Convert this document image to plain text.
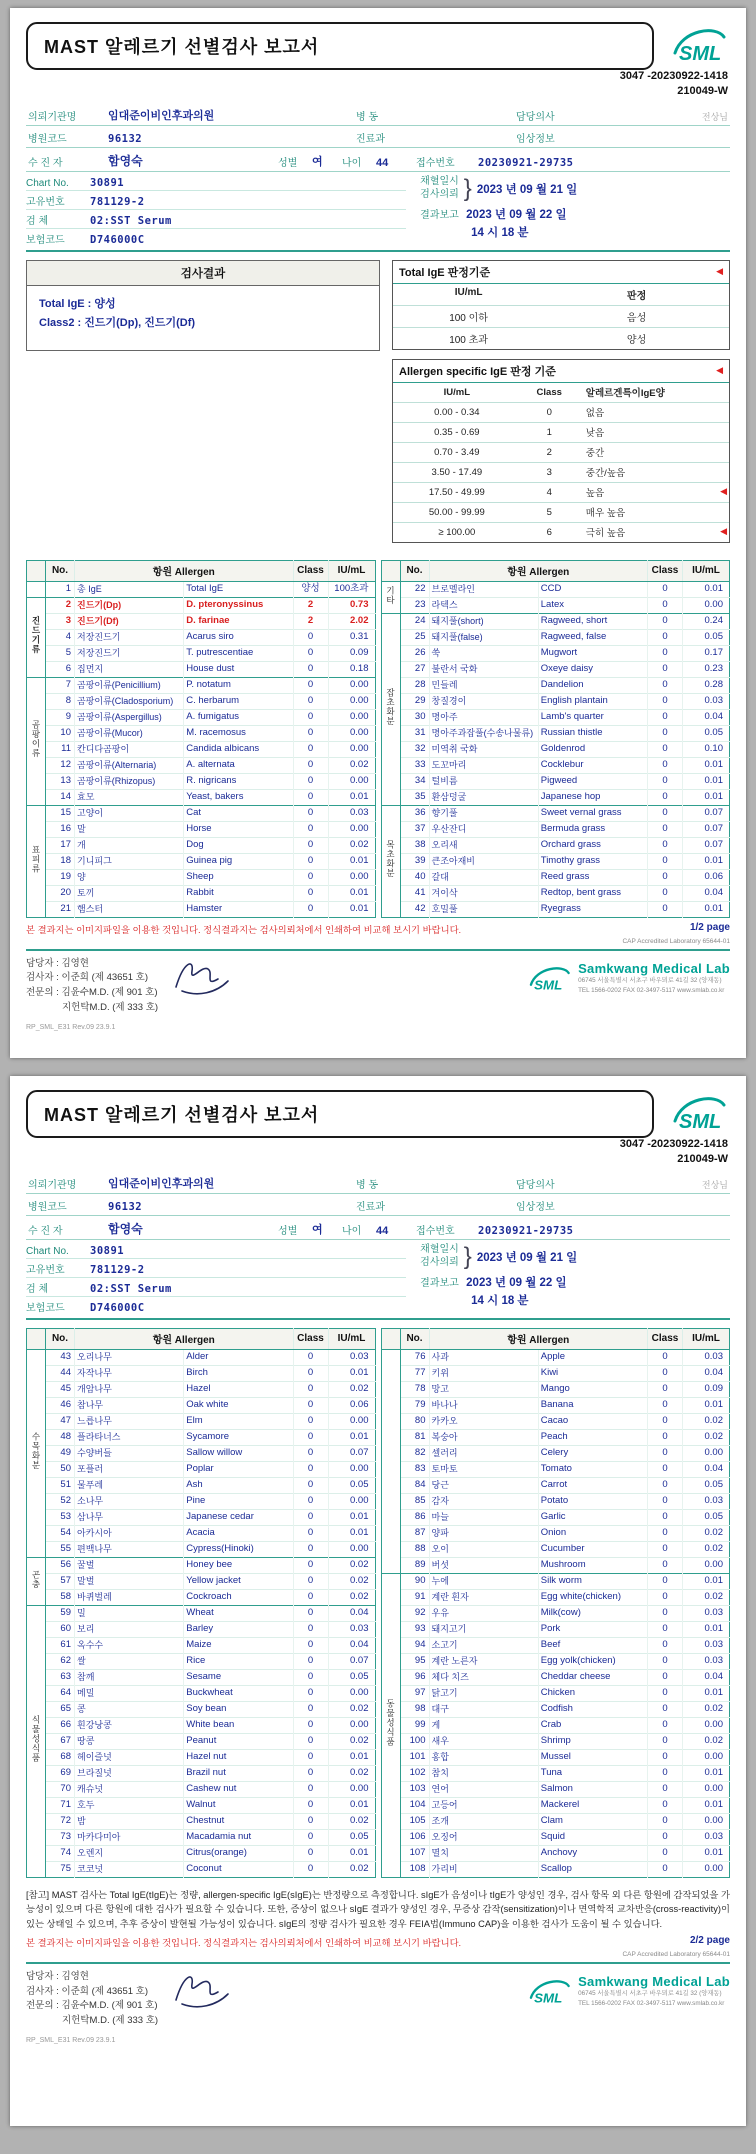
MAST 알레르기 선별검사 보고서	SML
3047 -20230922-1418
210049-W
의뢰기관명	임대준이비인후과의원	병 동	담당의사	전상님
병원코드	96132	진료과	임상정보
수 진 자	함영숙	성별	여	나이	44	접수번호	20230921-29735
Chart No.	30891
고유번호	781129-2
검 체	02:SST Serum
보험코드	D746000C
채혈일시
검사의뢰 } 2023 년 09 월 21 일
결과보고 2023 년 09 월 22 일
14 시 18 분
검사결과
Total IgE : 양성
Class2 : 진드기(Dp), 진드기(Df)
Total IgE 판정기준	◀
IU/mL	판정
100 이하	음성
100 초과	양성
Allergen specific IgE 판정 기준	◀
IU/mL	Class	알레르겐특이IgE양
0.00 - 0.34	0	없음
0.35 - 0.69	1	낮음
0.70 - 3.49	2	중간
3.50 - 17.49	3	중간/높음
17.50 - 49.99	4	높음	◀
50.00 - 99.99	5	매우 높음
≥ 100.00	6	극히 높음	◀
	No.	항원 Allergen		Class	IU/mL
	1	총 IgE	Total IgE	양성	100초과
진드기류	2	진드기(Dp)	D. pteronyssinus	2	0.73
	3	진드기(Df)	D. farinae	2	2.02
	4	저장진드기	Acarus siro	0	0.31
	5	저장진드기	T. putrescentiae	0	0.09
	6	집먼지	House dust	0	0.18
곰팡이류	7	곰팡이류(Penicillium)	P. notatum	0	0.00
	8	곰팡이류(Cladosporium)	C. herbarum	0	0.00
	9	곰팡이류(Aspergillus)	A. fumigatus	0	0.00
	10	곰팡이류(Mucor)	M. racemosus	0	0.00
	11	칸디다곰팡이	Candida albicans	0	0.00
	12	곰팡이류(Alternaria)	A. alternata	0	0.02
	13	곰팡이류(Rhizopus)	R. nigricans	0	0.00
	14	효모	Yeast, bakers	0	0.01
표피류	15	고양이	Cat	0	0.03
	16	말	Horse	0	0.00
	17	개	Dog	0	0.02
	18	기니피그	Guinea pig	0	0.01
	19	양	Sheep	0	0.00
	20	토끼	Rabbit	0	0.01
	21	햄스터	Hamster	0	0.01
	No.	항원 Allergen		Class	IU/mL
기타	22	브로멜라인	CCD	0	0.01
	23	라텍스	Latex	0	0.00
잡초화분	24	돼지풀(short)	Ragweed, short	0	0.24
	25	돼지풀(false)	Ragweed, false	0	0.05
	26	쑥	Mugwort	0	0.17
	27	불란서 국화	Oxeye daisy	0	0.23
	28	민들레	Dandelion	0	0.28
	29	창질경이	English plantain	0	0.03
	30	명아주	Lamb's quarter	0	0.04
	31	명아주과잡풀(수송나물류)	Russian thistle	0	0.05
	32	미역취 국화	Goldenrod	0	0.10
	33	도꼬마리	Cocklebur	0	0.01
	34	털비름	Pigweed	0	0.01
	35	환삼덩굴	Japanese hop	0	0.01
목초화분	36	향기풀	Sweet vernal grass	0	0.07
	37	우산잔디	Bermuda grass	0	0.07
	38	오리새	Orchard grass	0	0.07
	39	큰조아재비	Timothy grass	0	0.01
	40	갈대	Reed grass	0	0.06
	41	겨이삭	Redtop, bent grass	0	0.04
	42	호밀풀	Ryegrass	0	0.01
본 결과지는 이미지파일을 이용한 것입니다. 정식결과지는 검사의뢰처에서 인쇄하여 비교해 보시기 바랍니다.	1/2 page
CAP Accredited Laboratory 65644-01
담당자 : 김영현
검사자 : 이준희 (제 43651 호)
전문의 : 김윤수M.D. (제 901 호)
지헌탁M.D. (제 333 호)
SML
Samkwang Medical Lab
06745 서울특별시 서초구 바우뫼로 41길 32 (양재동)
TEL 1566-0202 FAX 02-3497-5117 www.smlab.co.kr
RP_SML_E31 Rev.09 23.9.1
MAST 알레르기 선별검사 보고서	SML
3047 -20230922-1418
210049-W
의뢰기관명	임대준이비인후과의원	병 동	담당의사	전상님
병원코드	96132	진료과	임상정보
수 진 자	함영숙	성별	여	나이	44	접수번호	20230921-29735
Chart No.	30891
고유번호	781129-2
검 체	02:SST Serum
보험코드	D746000C
채혈일시
검사의뢰 } 2023 년 09 월 21 일
결과보고 2023 년 09 월 22 일
14 시 18 분
	No.	항원 Allergen		Class	IU/mL
수목화분	43	오리나무	Alder	0	0.03
	44	자작나무	Birch	0	0.01
	45	개암나무	Hazel	0	0.02
	46	참나무	Oak white	0	0.06
	47	느릅나무	Elm	0	0.00
	48	플라타너스	Sycamore	0	0.01
	49	수양버들	Sallow willow	0	0.07
	50	포플러	Poplar	0	0.00
	51	물푸레	Ash	0	0.05
	52	소나무	Pine	0	0.00
	53	삼나무	Japanese cedar	0	0.01
	54	아카시아	Acacia	0	0.01
	55	편백나무	Cypress(Hinoki)	0	0.00
곤충	56	꿀벌	Honey bee	0	0.02
	57	말벌	Yellow jacket	0	0.02
	58	바퀴벌레	Cockroach	0	0.02
식물성식품	59	밀	Wheat	0	0.04
	60	보리	Barley	0	0.03
	61	옥수수	Maize	0	0.04
	62	쌀	Rice	0	0.07
	63	참깨	Sesame	0	0.05
	64	메밀	Buckwheat	0	0.00
	65	콩	Soy bean	0	0.02
	66	흰강낭콩	White bean	0	0.00
	67	땅콩	Peanut	0	0.02
	68	헤이즐넛	Hazel nut	0	0.01
	69	브라질넛	Brazil nut	0	0.02
	70	캐슈넛	Cashew nut	0	0.00
	71	호두	Walnut	0	0.01
	72	밤	Chestnut	0	0.02
	73	마카다미아	Macadamia nut	0	0.05
	74	오렌지	Citrus(orange)	0	0.01
	75	코코넛	Coconut	0	0.02
	No.	항원 Allergen		Class	IU/mL
	76	사과	Apple	0	0.03
	77	키위	Kiwi	0	0.04
	78	망고	Mango	0	0.09
	79	바나나	Banana	0	0.01
	80	카카오	Cacao	0	0.02
	81	복숭아	Peach	0	0.02
	82	셀러리	Celery	0	0.00
	83	토마토	Tomato	0	0.04
	84	당근	Carrot	0	0.05
	85	감자	Potato	0	0.03
	86	마늘	Garlic	0	0.05
	87	양파	Onion	0	0.02
	88	오이	Cucumber	0	0.02
	89	버섯	Mushroom	0	0.00
동물성식품	90	누에	Silk worm	0	0.01
	91	계란 흰자	Egg white(chicken)	0	0.02
	92	우유	Milk(cow)	0	0.03
	93	돼지고기	Pork	0	0.01
	94	소고기	Beef	0	0.03
	95	계란 노른자	Egg yolk(chicken)	0	0.03
	96	체다 치즈	Cheddar cheese	0	0.04
	97	닭고기	Chicken	0	0.01
	98	대구	Codfish	0	0.02
	99	게	Crab	0	0.00
	100	새우	Shrimp	0	0.02
	101	홍합	Mussel	0	0.00
	102	참치	Tuna	0	0.01
	103	연어	Salmon	0	0.00
	104	고등어	Mackerel	0	0.01
	105	조개	Clam	0	0.00
	106	오징어	Squid	0	0.03
	107	멸치	Anchovy	0	0.01
	108	가리비	Scallop	0	0.00
[참고] MAST 검사는 Total IgE(tIgE)는 정량, allergen-specific IgE(sIgE)는 반정량으로 측정합니다. sIgE가 음성이나 tIgE가 양성인 경우, 검사 항목 외 다른 항원에 감작되었을 가능성이 있으며 다른 항원에 대한 검사가 필요할 수 있습니다. 또한, 증상이 없으나 sIgE 결과가 양성인 경우, 무증상 감작(sensitization)이나 면역학적 교차반응(cross-reactivity)이 있는 상태일 수 있으며, 추후 증상이 발현될 가능성이 있습니다. sIgE의 정량 검사가 필요한 경우 FEIA법(Immuno CAP)을 이용한 검사가 도움이 될 수 있습니다.
본 결과지는 이미지파일을 이용한 것입니다. 정식결과지는 검사의뢰처에서 인쇄하여 비교해 보시기 바랍니다.	2/2 page
CAP Accredited Laboratory 65644-01
담당자 : 김영현
검사자 : 이준희 (제 43651 호)
전문의 : 김윤수M.D. (제 901 호)
지헌탁M.D. (제 333 호)
SML
Samkwang Medical Lab
06745 서울특별시 서초구 바우뫼로 41길 32 (양재동)
TEL 1566-0202 FAX 02-3497-5117 www.smlab.co.kr
RP_SML_E31 Rev.09 23.9.1
